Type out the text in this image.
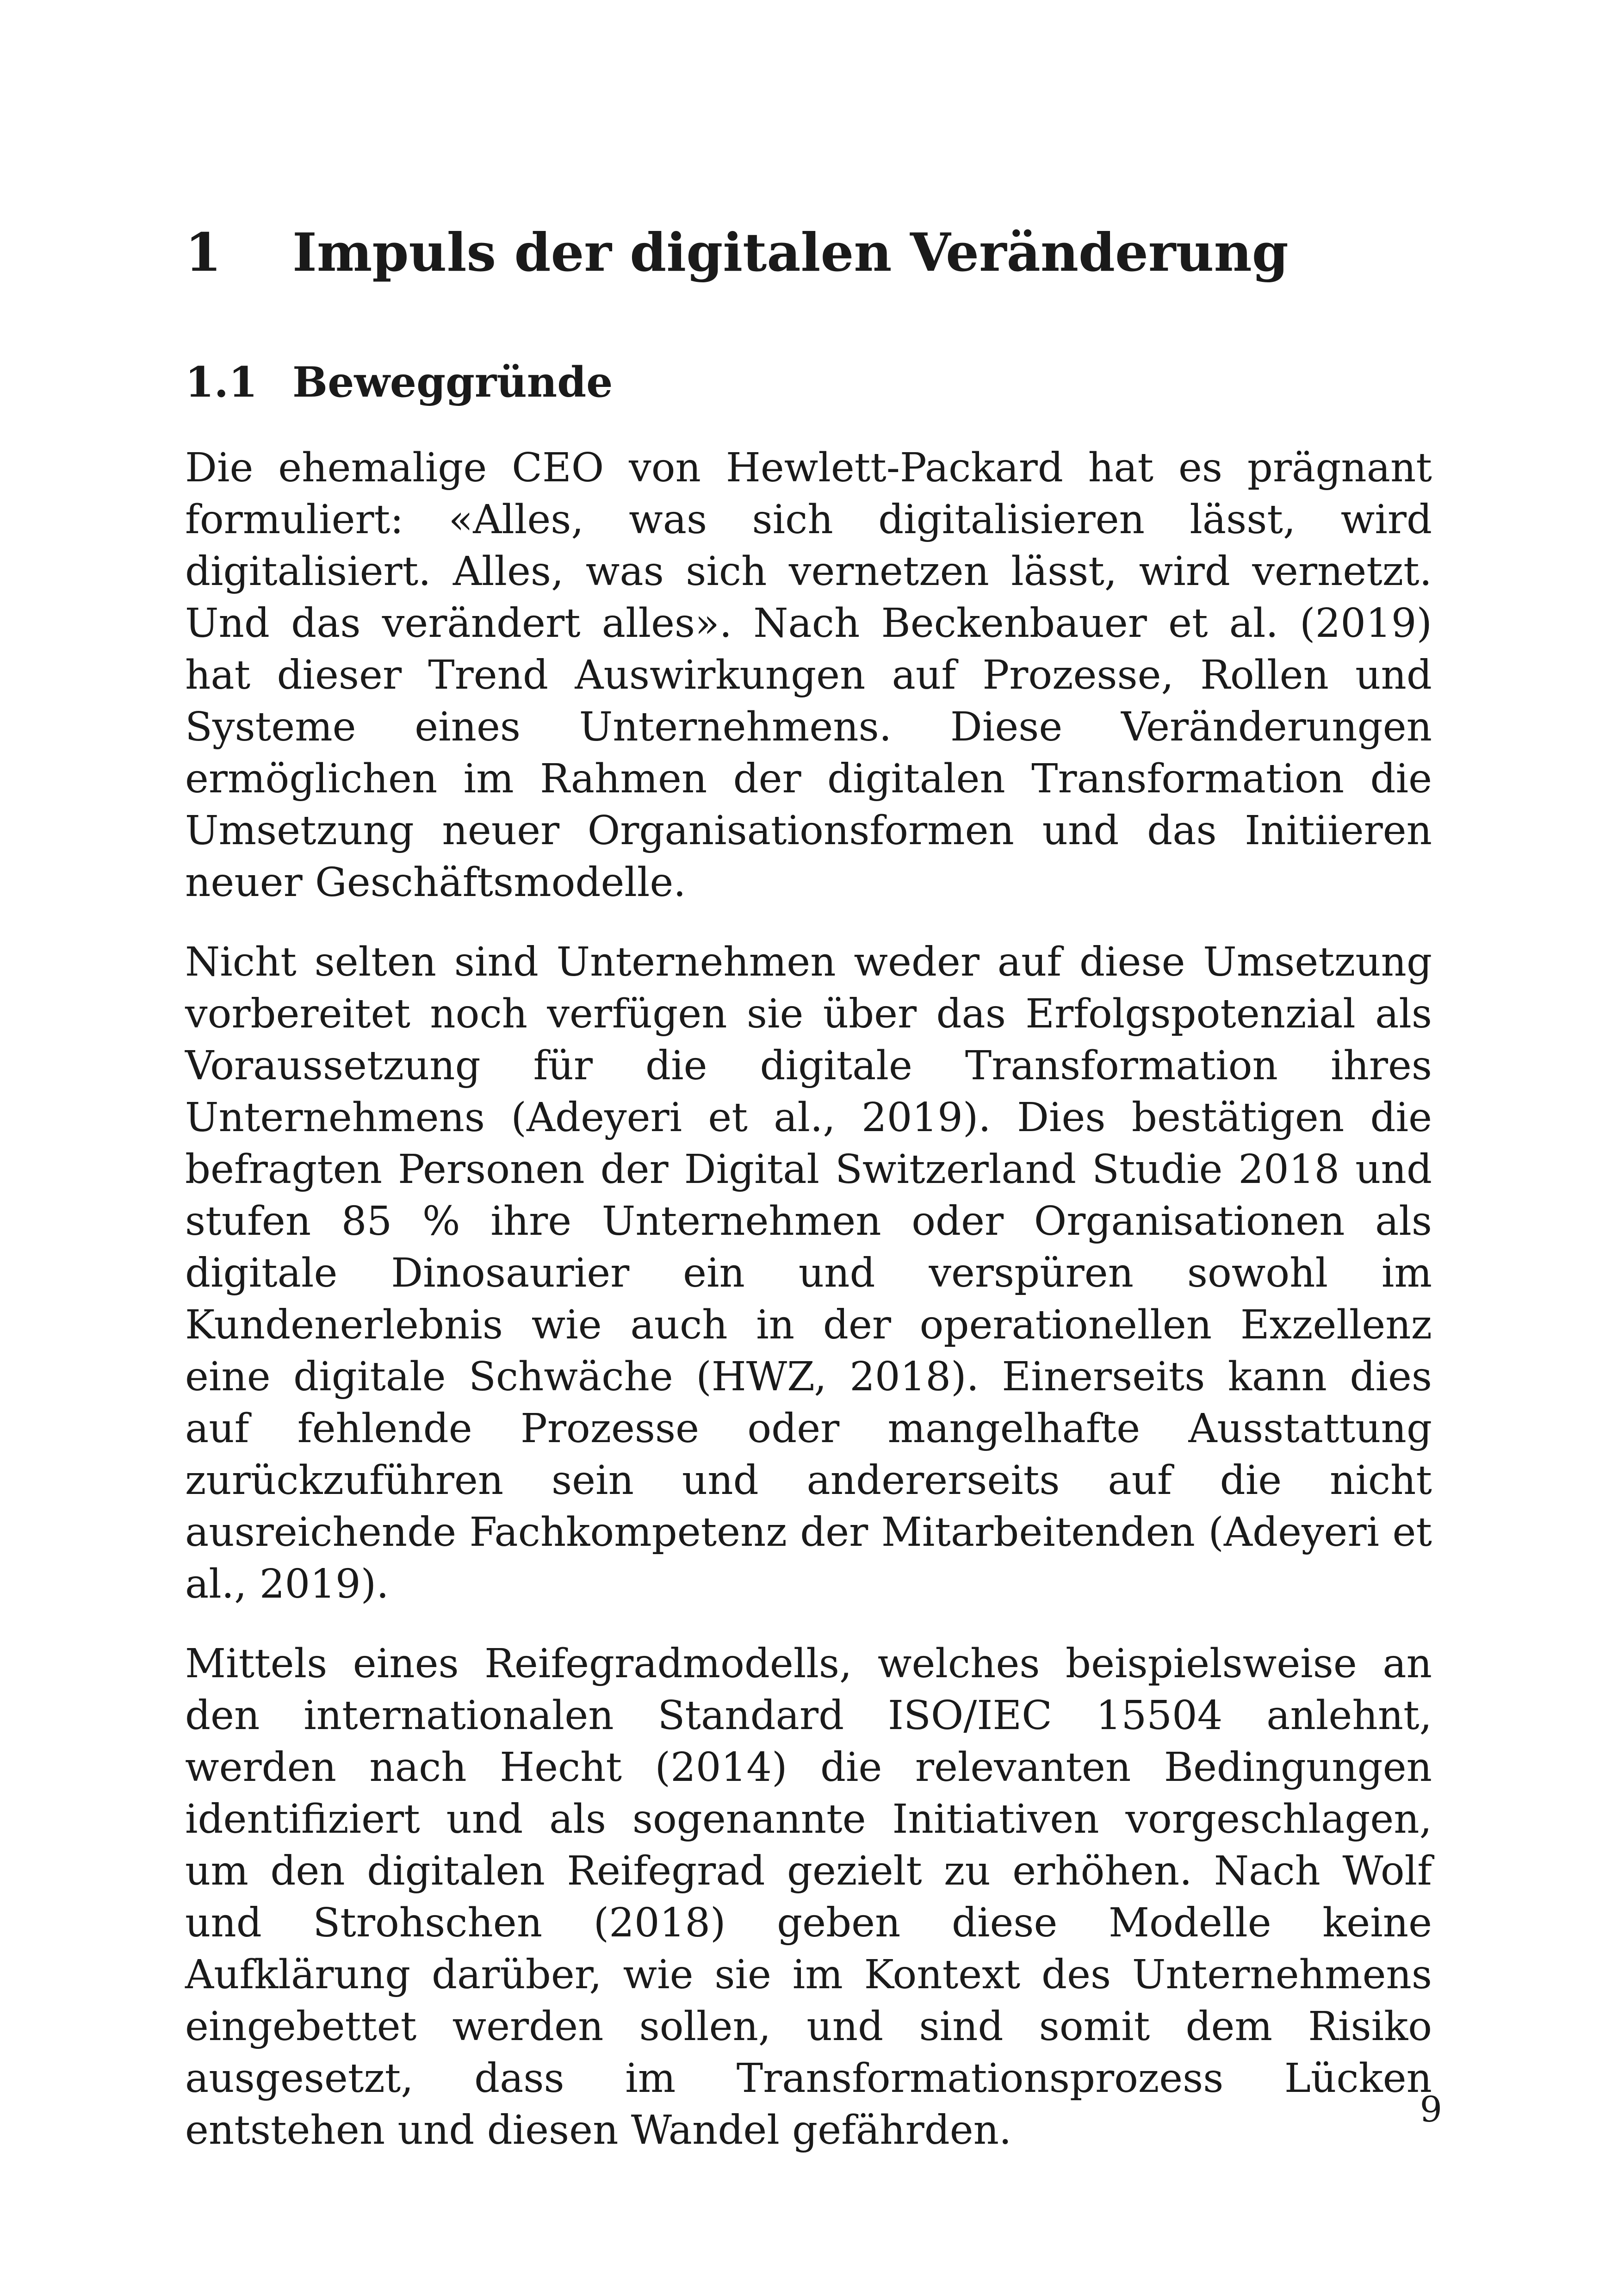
1 Impuls der digitalen Veränderung
1.1 Beweggründe

Die ehemalige CEO von Hewlett-Packard hat es prägnant formuliert: «Alles, was sich digitalisieren lässt, wird digitalisiert. Alles, was sich vernetzen lässt, wird vernetzt. Und das verändert alles». Nach Beckenbauer et al. (2019) hat dieser Trend Auswirkungen auf Prozesse, Rollen und Systeme eines Unternehmens. Diese Veränderungen ermöglichen im Rahmen der digitalen Transformation die Umsetzung neuer Organisationsformen und das Initiieren neuer Geschäftsmodelle.

Nicht selten sind Unternehmen weder auf diese Umsetzung vorbereitet noch verfügen sie über das Erfolgspotenzial als Voraussetzung für die digitale Transformation ihres Unternehmens (Adeyeri et al., 2019). Dies bestätigen die befragten Personen der Digital Switzerland Studie 2018 und stufen 85 % ihre Unternehmen oder Organisationen als digitale Dinosaurier ein und verspüren sowohl im Kundenerlebnis wie auch in der operationellen Exzellenz eine digitale Schwäche (HWZ, 2018). Einerseits kann dies auf fehlende Prozesse oder mangelhafte Ausstattung zurückzuführen sein und andererseits auf die nicht ausreichende Fachkompetenz der Mitarbeitenden (Adeyeri et al., 2019).

Mittels eines Reifegradmodells, welches beispielsweise an den internationalen Standard ISO/IEC 15504 anlehnt, werden nach Hecht (2014) die relevanten Bedingungen identifiziert und als sogenannte Initiativen vorgeschlagen, um den digitalen Reifegrad gezielt zu erhöhen. Nach Wolf und Strohschen (2018) geben diese Modelle keine Aufklärung darüber, wie sie im Kontext des Unternehmens eingebettet werden sollen, und sind somit dem Risiko ausgesetzt, dass im Transformationsprozess Lücken entstehen und diesen Wandel gefährden.	9
